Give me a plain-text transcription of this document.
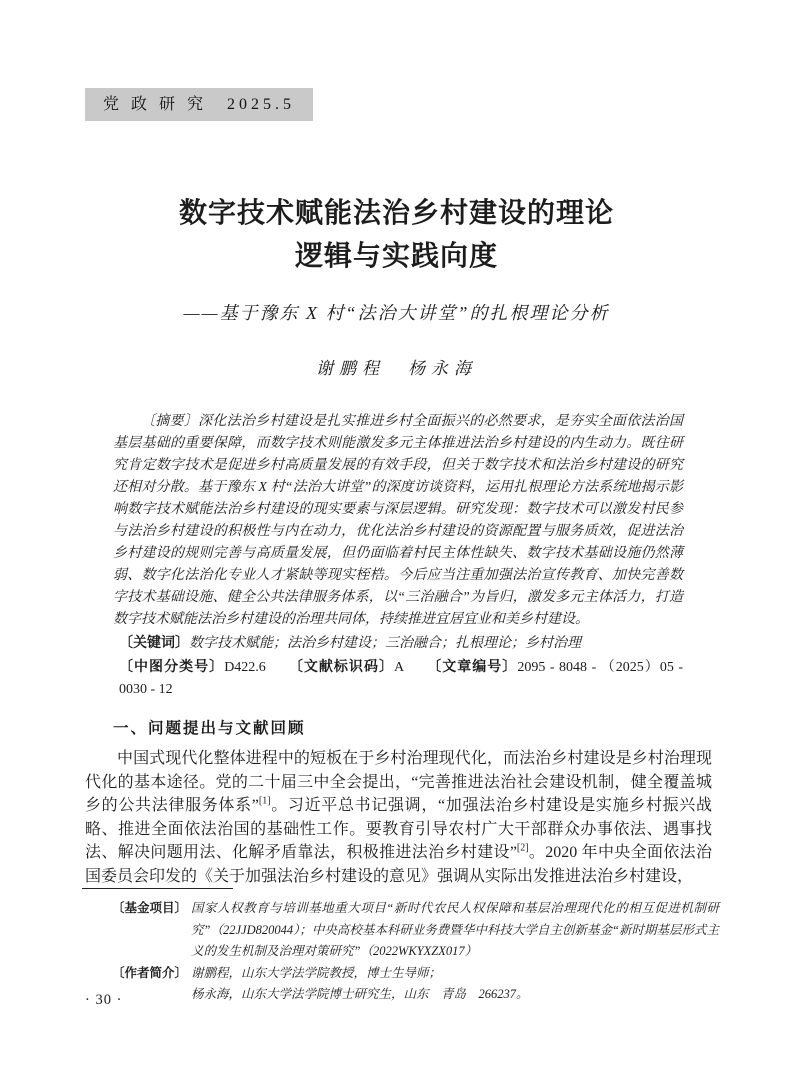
党 政 研 究　2025.5
数字技术赋能法治乡村建设的理论
逻辑与实践向度
——基于豫东 X 村“法治大讲堂”的扎根理论分析
谢鹏程　杨永海

〔摘要〕深化法治乡村建设是扎实推进乡村全面振兴的必然要求，是夯实全面依法治国基层基础的重要保障，而数字技术则能激发多元主体推进法治乡村建设的内生动力。既往研究肯定数字技术是促进乡村高质量发展的有效手段，但关于数字技术和法治乡村建设的研究还相对分散。基于豫东 X 村“法治大讲堂”的深度访谈资料，运用扎根理论方法系统地揭示影响数字技术赋能法治乡村建设的现实要素与深层逻辑。研究发现：数字技术可以激发村民参与法治乡村建设的积极性与内在动力，优化法治乡村建设的资源配置与服务质效，促进法治乡村建设的规则完善与高质量发展，但仍面临着村民主体性缺失、数字技术基础设施仍然薄弱、数字化法治化专业人才紧缺等现实桎梏。今后应当注重加强法治宣传教育、加快完善数字技术基础设施、健全公共法律服务体系，以“三治融合”为旨归，激发多元主体活力，打造数字技术赋能法治乡村建设的治理共同体，持续推进宜居宜业和美乡村建设。

〔关键词〕数字技术赋能；法治乡村建设；三治融合；扎根理论；乡村治理

〔中图分类号〕D422.6 〔文献标识码〕A 〔文章编号〕2095 - 8048 - （2025）05 - 0030 - 12

一、问题提出与文献回顾

中国式现代化整体进程中的短板在于乡村治理现代化，而法治乡村建设是乡村治理现代化的基本途径。党的二十届三中全会提出，“完善推进法治社会建设机制，健全覆盖城乡的公共法律服务体系”[1]。习近平总书记强调，“加强法治乡村建设是实施乡村振兴战略、推进全面依法治国的基础性工作。要教育引导农村广大干部群众办事依法、遇事找法、解决问题用法、化解矛盾靠法，积极推进法治乡村建设”[2]。2020 年中央全面依法治国委员会印发的《关于加强法治乡村建设的意见》强调从实际出发推进法治乡村建设，

〔基金项目〕 国家人权教育与培训基地重大项目“新时代农民人权保障和基层治理现代化的相互促进机制研究”（22JJD820044）；中央高校基本科研业务费暨华中科技大学自主创新基金“新时期基层形式主义的发生机制及治理对策研究”（2022WKYXZX017）
〔作者简介〕 谢鹏程，山东大学法学院教授，博士生导师；
杨永海，山东大学法学院博士研究生，山东　青岛　266237。
· 30 ·
